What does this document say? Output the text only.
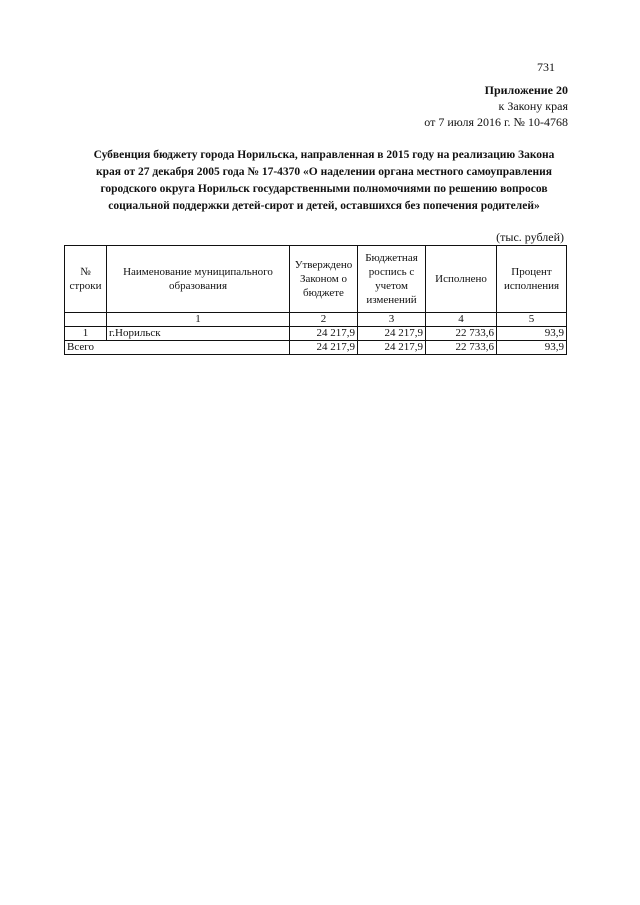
731
Приложение 20
к Закону края
от 7 июля 2016 г. № 10-4768
Субвенция бюджету города Норильска, направленная в 2015 году на реализацию Закона
края от 27 декабря 2005 года № 17-4370 «О наделении органа местного самоуправления
городского округа Норильск государственными полномочиями по решению вопросов
социальной поддержки детей-сирот и детей, оставшихся без попечения родителей»
(тыс. рублей)
№ строки	Наименование муниципального образования	Утверждено Законом о бюджете	Бюджетная роспись с учетом изменений	Исполнено	Процент исполнения
	1	2	3	4	5
1	г.Норильск	24 217,9	24 217,9	22 733,6	93,9
Всего		24 217,9	24 217,9	22 733,6	93,9
